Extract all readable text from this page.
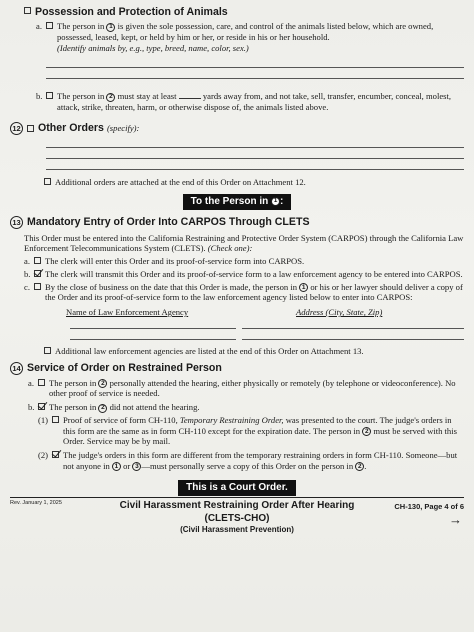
Possession and Protection of Animals
a.	The person in 1 is given the sole possession, care, and control of the animals listed below, which are owned, possessed, leased, kept, or held by him or her, or reside in his or her household.
(Identify animals by, e.g., type, breed, name, color, sex.)
b.	The person in 2 must stay at least	yards away from, and not take, sell, transfer, encumber, conceal, molest, attack, strike, threaten, harm, or otherwise dispose of, the animals listed above.
12 Other Orders (specify):
Additional orders are attached at the end of this Order on Attachment 12.
To the Person in 1 :
13 Mandatory Entry of Order Into CARPOS Through CLETS
This Order must be entered into the California Restraining and Protective Order System (CARPOS) through the California Law Enforcement Telecommunications System (CLETS). (Check one):
a.	The clerk will enter this Order and its proof-of-service form into CARPOS.
b.	The clerk will transmit this Order and its proof-of-service form to a law enforcement agency to be entered into CARPOS.
c.	By the close of business on the date that this Order is made, the person in 1 or his or her lawyer should deliver a copy of the Order and its proof-of-service form to the law enforcement agency listed below to enter into CARPOS:
Name of Law Enforcement Agency	Address (City, State, Zip)
Additional law enforcement agencies are listed at the end of this Order on Attachment 13.
14 Service of Order on Restrained Person
a.	The person in 2 personally attended the hearing, either physically or remotely (by telephone or videoconference). No other proof of service is needed.
b.	The person in 2 did not attend the hearing.
(1)	Proof of service of form CH-110, Temporary Restraining Order, was presented to the court. The judge's orders in this form are the same as in form CH-110 except for the expiration date. The person in 2 must be served with this Order. Service may be by mail.
(2)	The judge's orders in this form are different from the temporary restraining orders in form CH-110. Someone—but not anyone in 1 or 3 —must personally serve a copy of this Order on the person in 2 .
This is a Court Order.
Rev. January 1, 2025	Civil Harassment Restraining Order After Hearing
(CLETS-CHO)
(Civil Harassment Prevention)
CH-130, Page 4 of 6
→
